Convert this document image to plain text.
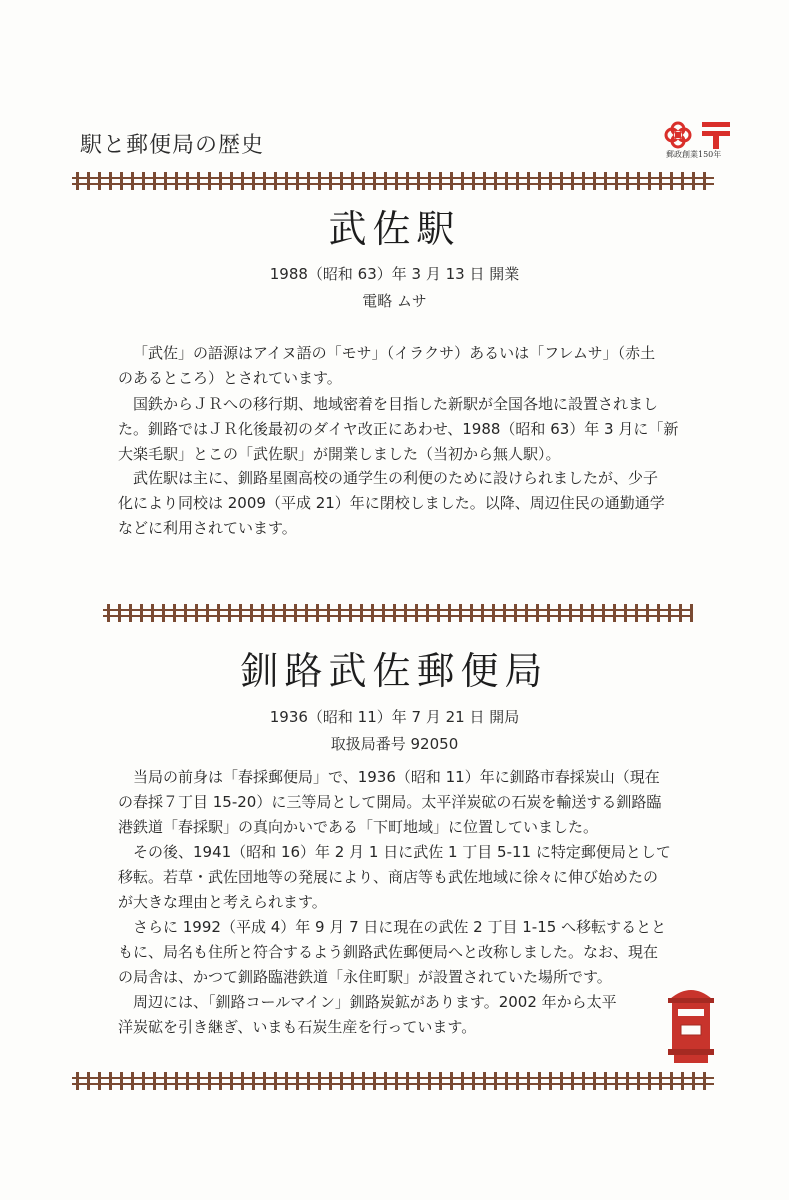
駅と郵便局の歴史	郵政創業150年
武佐駅
1988（昭和 63）年 3 月 13 日 開業
電略 ムサ

「武佐」の語源はアイヌ語の「モサ」（イラクサ）あるいは「フレムサ」（赤土
のあるところ）とされています。

国鉄からＪＲへの移行期、地域密着を目指した新駅が全国各地に設置されまし
た。釧路ではＪＲ化後最初のダイヤ改正にあわせ、1988（昭和 63）年 3 月に「新
大楽毛駅」とこの「武佐駅」が開業しました（当初から無人駅）。

武佐駅は主に、釧路星園高校の通学生の利便のために設けられましたが、少子
化により同校は 2009（平成 21）年に閉校しました。以降、周辺住民の通勤通学
などに利用されています。

釧路武佐郵便局
1936（昭和 11）年 7 月 21 日 開局
取扱局番号 92050

当局の前身は「春採郵便局」で、1936（昭和 11）年に釧路市春採炭山（現在
の春採７丁目 15-20）に三等局として開局。太平洋炭砿の石炭を輸送する釧路臨
港鉄道「春採駅」の真向かいである「下町地域」に位置していました。

その後、1941（昭和 16）年 2 月 1 日に武佐 1 丁目 5-11 に特定郵便局として
移転。若草・武佐団地等の発展により、商店等も武佐地域に徐々に伸び始めたの
が大きな理由と考えられます。

さらに 1992（平成 4）年 9 月 7 日に現在の武佐 2 丁目 1-15 へ移転するとと
もに、局名も住所と符合するよう釧路武佐郵便局へと改称しました。なお、現在
の局舎は、かつて釧路臨港鉄道「永住町駅」が設置されていた場所です。

周辺には、「釧路コールマイン」釧路炭鉱があります。2002 年から太平
洋炭砿を引き継ぎ、いまも石炭生産を行っています。
